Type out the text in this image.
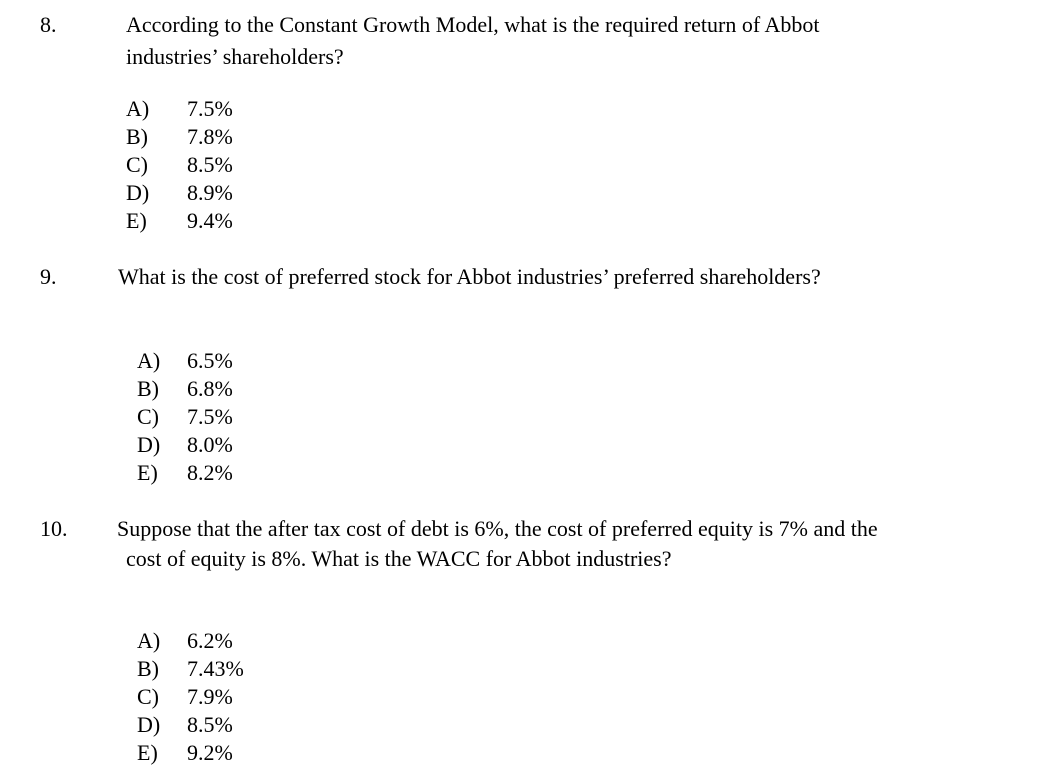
8.	According to the Constant Growth Model, what is the required return of Abbot
industries’ shareholders?
A) 7.5%
B) 7.8%
C) 8.5%
D) 8.9%
E) 9.4%
9.	What is the cost of preferred stock for Abbot industries’ preferred shareholders?
A) 6.5%
B) 6.8%
C) 7.5%
D) 8.0%
E) 8.2%
10. Suppose that the after tax cost of debt is 6%, the cost of preferred equity is 7% and the
cost of equity is 8%. What is the WACC for Abbot industries?
A) 6.2%
B) 7.43%
C) 7.9%
D) 8.5%
E) 9.2%
